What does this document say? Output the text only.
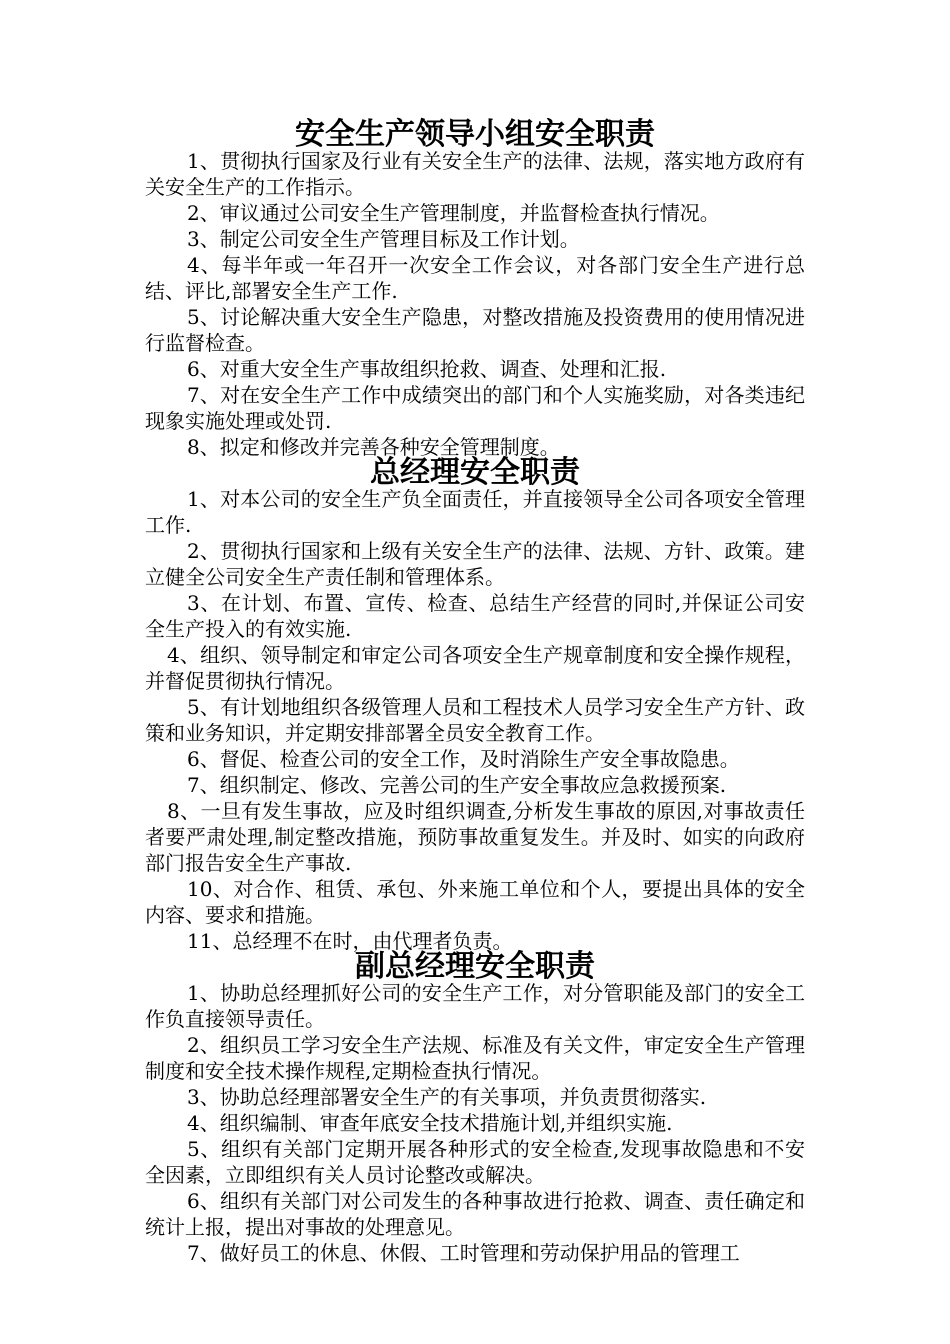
安全生产领导小组安全职责

1、贯彻执行国家及行业有关安全生产的法律、法规，落实地方政府有关安全生产的工作指示。

2、审议通过公司安全生产管理制度，并监督检查执行情况。

3、制定公司安全生产管理目标及工作计划。

4、每半年或一年召开一次安全工作会议，对各部门安全生产进行总结、评比,部署安全生产工作.

5、讨论解决重大安全生产隐患，对整改措施及投资费用的使用情况进行监督检查。

6、对重大安全生产事故组织抢救、调查、处理和汇报.

7、对在安全生产工作中成绩突出的部门和个人实施奖励，对各类违纪现象实施处理或处罚.

8、拟定和修改并完善各种安全管理制度。

总经理安全职责

1、对本公司的安全生产负全面责任，并直接领导全公司各项安全管理工作.

2、贯彻执行国家和上级有关安全生产的法律、法规、方针、政策。建立健全公司安全生产责任制和管理体系。

3、在计划、布置、宣传、检查、总结生产经营的同时,并保证公司安全生产投入的有效实施.

4、组织、领导制定和审定公司各项安全生产规章制度和安全操作规程，并督促贯彻执行情况。

5、有计划地组织各级管理人员和工程技术人员学习安全生产方针、政策和业务知识，并定期安排部署全员安全教育工作。

6、督促、检查公司的安全工作，及时消除生产安全事故隐患。

7、组织制定、修改、完善公司的生产安全事故应急救援预案.

8、一旦有发生事故，应及时组织调查,分析发生事故的原因,对事故责任者要严肃处理,制定整改措施，预防事故重复发生。并及时、如实的向政府部门报告安全生产事故.

10、对合作、租赁、承包、外来施工单位和个人，要提出具体的安全内容、要求和措施。

11、总经理不在时，由代理者负责。

副总经理安全职责

1、协助总经理抓好公司的安全生产工作，对分管职能及部门的安全工作负直接领导责任。

2、组织员工学习安全生产法规、标准及有关文件，审定安全生产管理制度和安全技术操作规程,定期检查执行情况。

3、协助总经理部署安全生产的有关事项，并负责贯彻落实.

4、组织编制、审查年底安全技术措施计划,并组织实施.

5、组织有关部门定期开展各种形式的安全检查,发现事故隐患和不安全因素，立即组织有关人员讨论整改或解决。

6、组织有关部门对公司发生的各种事故进行抢救、调查、责任确定和统计上报，提出对事故的处理意见。

7、做好员工的休息、休假、工时管理和劳动保护用品的管理工
